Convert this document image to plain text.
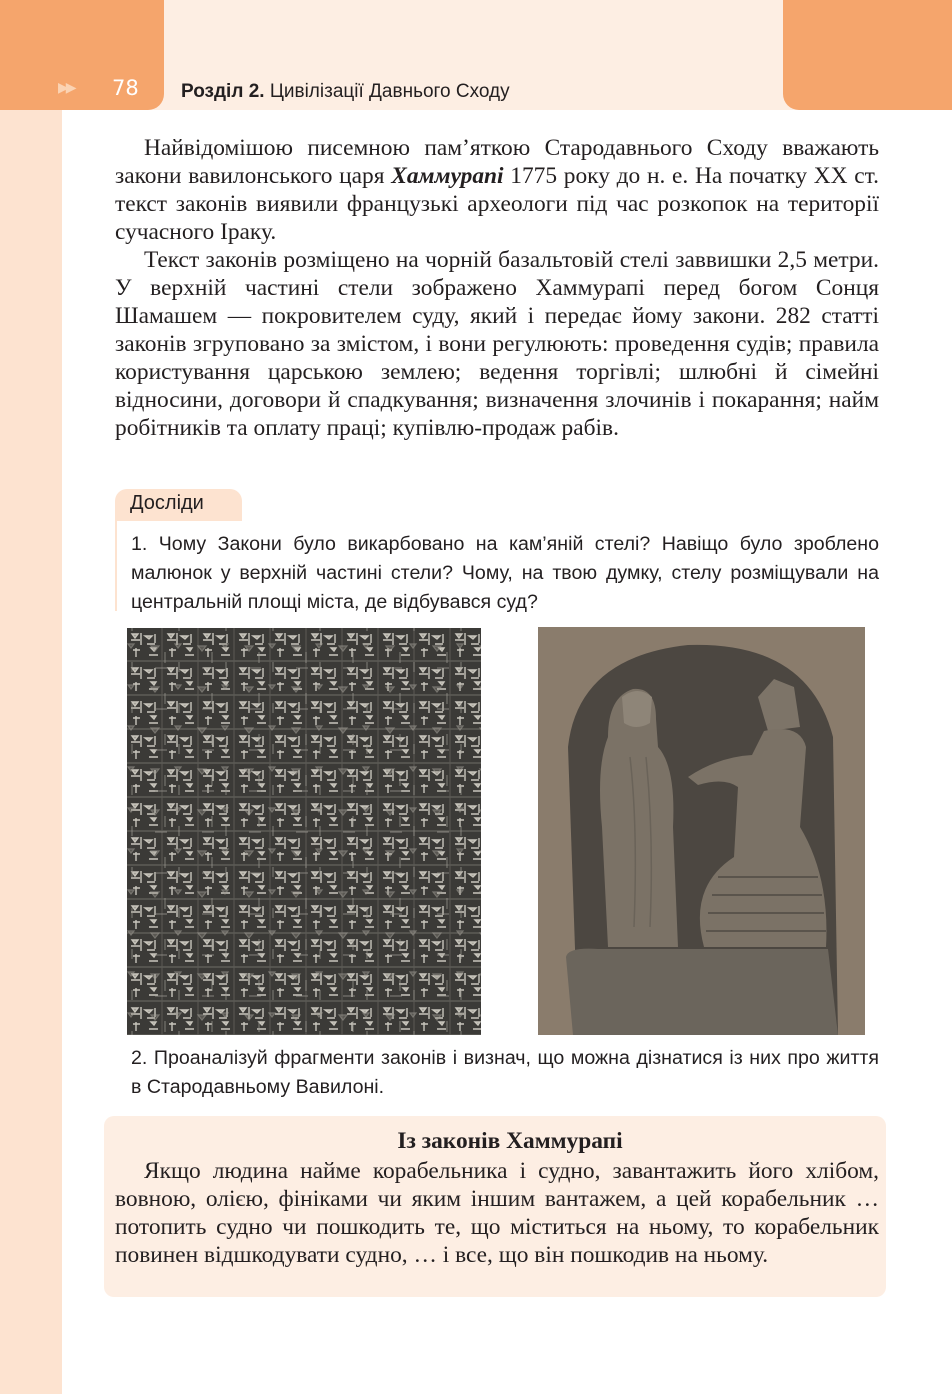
▶▶ 78 Розділ 2. Цивілізації Давнього Сходу

Найвідомішою писемною пам’яткою Стародавнього Сходу вважають закони вавилонського царя Хаммурапі 1775 року до н. е. На початку XX ст. текст законів виявили французькі археологи під час розкопок на території сучасного Іраку.

Текст законів розміщено на чорній базальтовій стелі заввишки 2,5 метри. У верхній частині стели зображено Хаммурапі перед богом Сонця Шамашем — покровителем суду, який і передає йому закони. 282 статті законів згруповано за змістом, і вони регулюють: проведення судів; правила користування царською землею; ведення торгівлі; шлюбні й сімейні відносини, договори й спадкування; визначення злочинів і покарання; найм робітників та оплату праці; купівлю-продаж рабів.

Досліди
1. Чому Закони було викарбовано на кам’яній стелі? Навіщо було зроблено малюнок у верхній частині стели? Чому, на твою думку, стелу розміщували на центральній площі міста, де відбувався суд?
2. Проаналізуй фрагменти законів і визнач, що можна дізнатися із них про життя в Стародавньому Вавилоні.
Із законів Хаммурапі

Якщо людина найме корабельника і судно, завантажить його хлібом, вовною, олією, фініками чи яким іншим вантажем, а цей корабельник … потопить судно чи пошкодить те, що міститься на ньому, то корабельник повинен відшкодувати судно, … і все, що він пошкодив на ньому.
